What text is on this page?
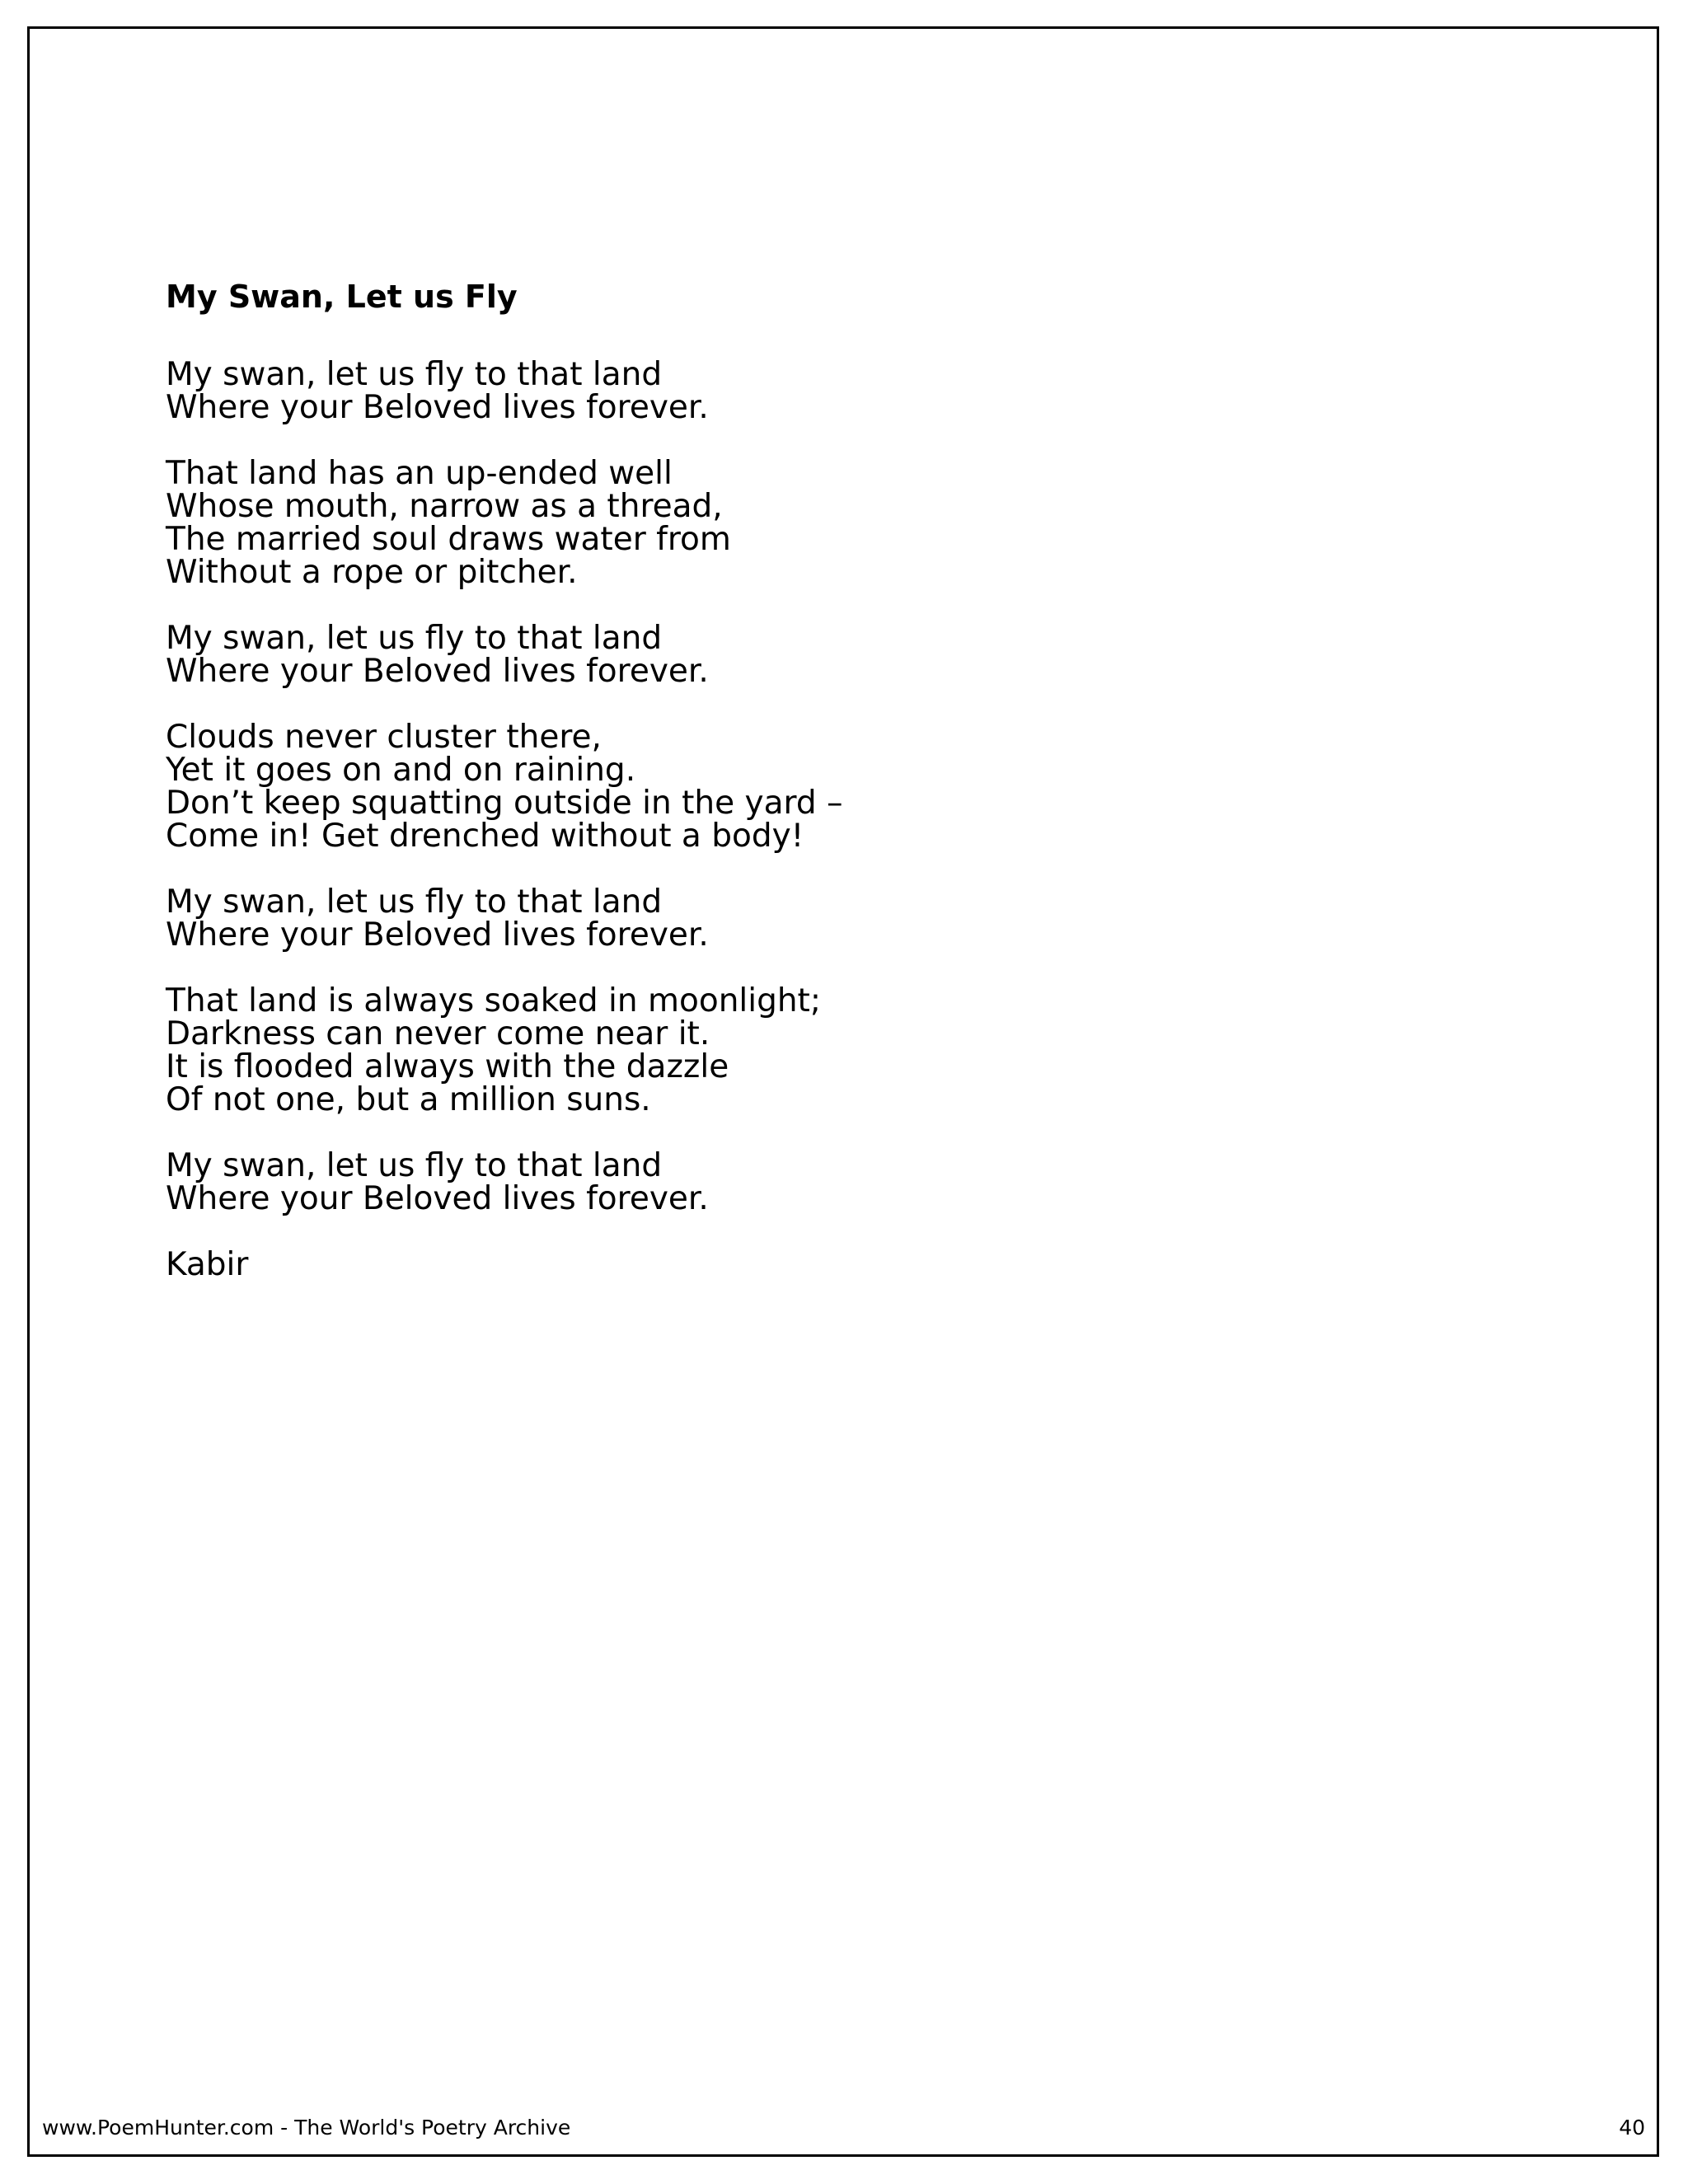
My Swan, Let us Fly
My swan, let us fly to that land
Where your Beloved lives forever.
That land has an up-ended well
Whose mouth, narrow as a thread,
The married soul draws water from
Without a rope or pitcher.
My swan, let us fly to that land
Where your Beloved lives forever.
Clouds never cluster there,
Yet it goes on and on raining.
Don’t keep squatting outside in the yard –
Come in! Get drenched without a body!
My swan, let us fly to that land
Where your Beloved lives forever.
That land is always soaked in moonlight;
Darkness can never come near it.
It is flooded always with the dazzle
Of not one, but a million suns.
My swan, let us fly to that land
Where your Beloved lives forever.
Kabir
www.PoemHunter.com - The World's Poetry Archive	40
